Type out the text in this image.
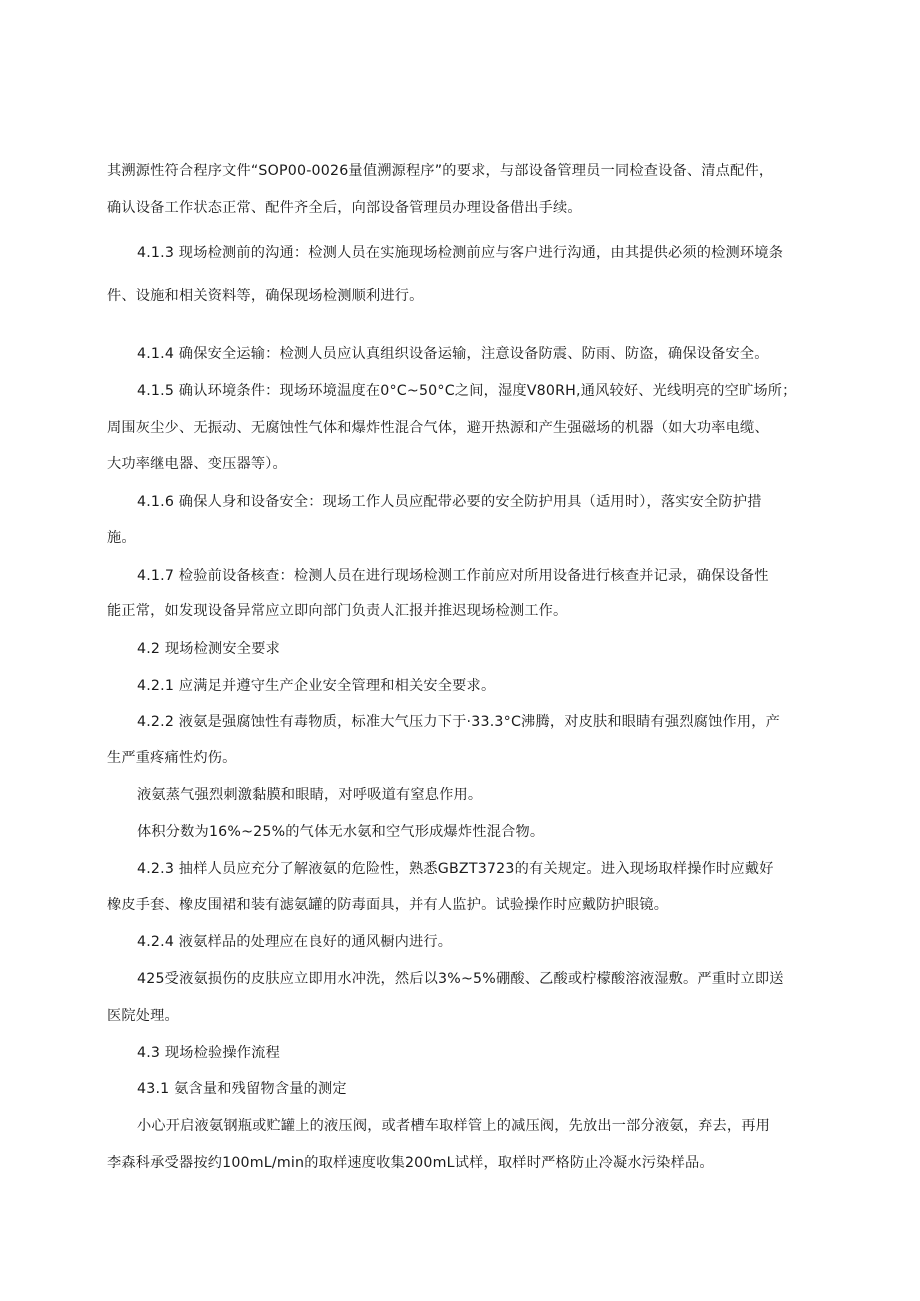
其溯源性符合程序文件“SOP00-0026量值溯源程序”的要求，与部设备管理员一同检查设备、清点配件，
确认设备工作状态正常、配件齐全后，向部设备管理员办理设备借出手续。
4.1.3 现场检测前的沟通：检测人员在实施现场检测前应与客户进行沟通，由其提供必须的检测环境条
件、设施和相关资料等，确保现场检测顺利进行。
4.1.4 确保安全运输：检测人员应认真组织设备运输，注意设备防震、防雨、防盗，确保设备安全。
4.1.5 确认环境条件：现场环境温度在0°C~50°C之间，湿度V80RH,通风较好、光线明亮的空旷场所；
周围灰尘少、无振动、无腐蚀性气体和爆炸性混合气体，避开热源和产生强磁场的机器（如大功率电缆、
大功率继电器、变压器等）。
4.1.6 确保人身和设备安全：现场工作人员应配带必要的安全防护用具（适用时），落实安全防护措
施。
4.1.7 检验前设备核查：检测人员在进行现场检测工作前应对所用设备进行核查并记录，确保设备性
能正常，如发现设备异常应立即向部门负责人汇报并推迟现场检测工作。
4.2 现场检测安全要求
4.2.1 应满足并遵守生产企业安全管理和相关安全要求。
4.2.2 液氨是强腐蚀性有毒物质，标准大气压力下于·33.3°C沸腾，对皮肤和眼睛有强烈腐蚀作用，产
生严重疼痛性灼伤。
液氨蒸气强烈刺激黏膜和眼睛，对呼吸道有窒息作用。
体积分数为16%~25%的气体无水氨和空气形成爆炸性混合物。
4.2.3 抽样人员应充分了解液氨的危险性，熟悉GBZT3723的有关规定。进入现场取样操作时应戴好
橡皮手套、橡皮围裙和装有滤氨罐的防毒面具，并有人监护。试验操作时应戴防护眼镜。
4.2.4 液氨样品的处理应在良好的通风橱内进行。
425受液氨损伤的皮肤应立即用水冲洗，然后以3%~5%硼酸、乙酸或柠檬酸溶液湿敷。严重时立即送
医院处理。
4.3 现场检验操作流程
43.1 氨含量和残留物含量的测定
小心开启液氨钢瓶或贮罐上的液压阀，或者槽车取样管上的减压阀，先放出一部分液氨，弃去，再用
李森科承受器按约100mL/min的取样速度收集200mL试样，取样时严格防止冷凝水污染样品。
